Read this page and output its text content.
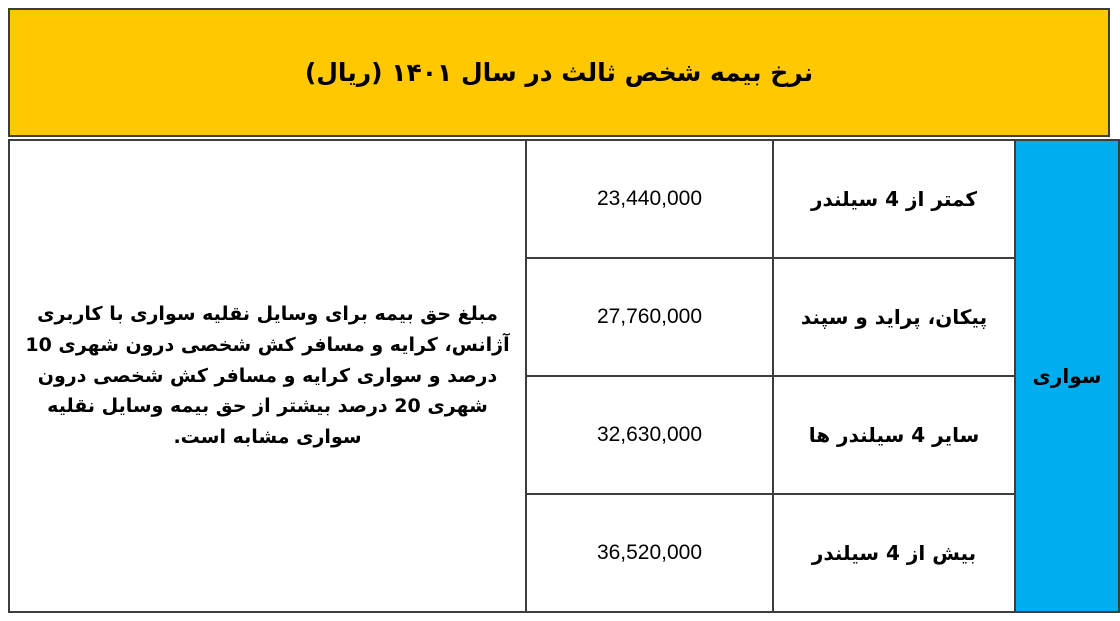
نرخ بیمه شخص ثالث در سال ۱۴۰۱ (ریال)
سواری	کمتر از 4 سیلندر	23,440,000	مبلغ حق بیمه برای وسایل نقلیه سواری با کاربری آژانس، کرایه و مسافر کش شخصی درون شهری 10 درصد و سواری کرایه و مسافر کش شخصی درون شهری 20 درصد بیشتر از حق بیمه وسایل نقلیه سواری مشابه است.

	پیکان، پراید و سپند	27,760,000	

	سایر 4 سیلندر ها	32,630,000	

	بیش از 4 سیلندر	36,520,000	
